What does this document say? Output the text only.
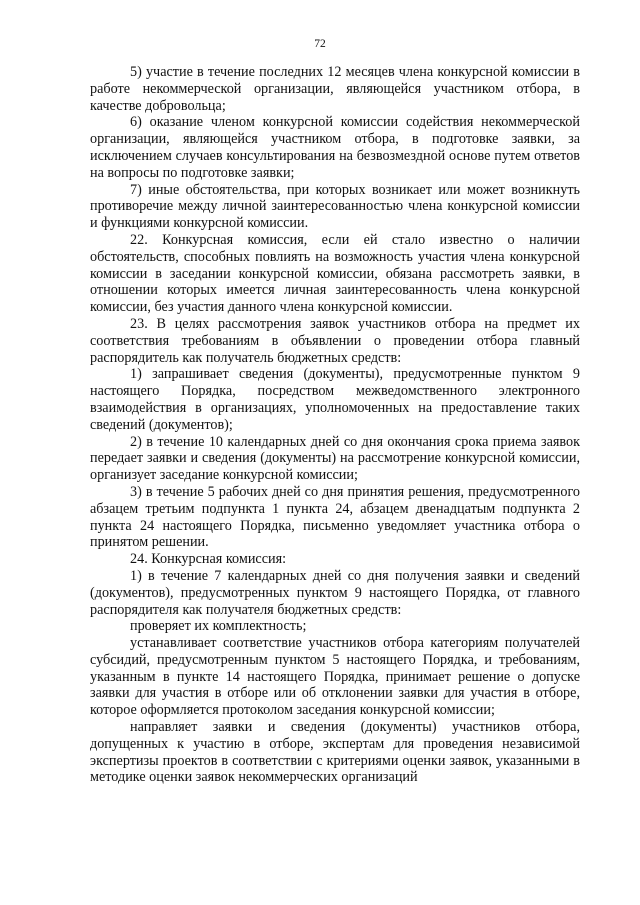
72

5) участие в течение последних 12 месяцев члена конкурсной комиссии в работе некоммерческой организации, являющейся участником отбора, в качестве добровольца;

6) оказание членом конкурсной комиссии содействия некоммерческой организации, являющейся участником отбора, в подготовке заявки, за исключением случаев консультирования на безвозмездной основе путем ответов на вопросы по подготовке заявки;

7) иные обстоятельства, при которых возникает или может возникнуть противоречие между личной заинтересованностью члена конкурсной комиссии и функциями конкурсной комиссии.

22. Конкурсная комиссия, если ей стало известно о наличии обстоятельств, способных повлиять на возможность участия члена конкурсной комиссии в заседании конкурсной комиссии, обязана рассмотреть заявки, в отношении которых имеется личная заинтересованность члена конкурсной комиссии, без участия данного члена конкурсной комиссии.

23. В целях рассмотрения заявок участников отбора на предмет их соответствия требованиям в объявлении о проведении отбора главный распорядитель как получатель бюджетных средств:

1) запрашивает сведения (документы), предусмотренные пунктом 9 настоящего Порядка, посредством межведомственного электронного взаимодействия в организациях, уполномоченных на предоставление таких сведений (документов);

2) в течение 10 календарных дней со дня окончания срока приема заявок передает заявки и сведения (документы) на рассмотрение конкурсной комиссии, организует заседание конкурсной комиссии;

3) в течение 5 рабочих дней со дня принятия решения, предусмотренного абзацем третьим подпункта 1 пункта 24, абзацем двенадцатым подпункта 2 пункта 24 настоящего Порядка, письменно уведомляет участника отбора о принятом решении.

24. Конкурсная комиссия:

1) в течение 7 календарных дней со дня получения заявки и сведений (документов), предусмотренных пунктом 9 настоящего Порядка, от главного распорядителя как получателя бюджетных средств:

проверяет их комплектность;

устанавливает соответствие участников отбора категориям получателей субсидий, предусмотренным пунктом 5 настоящего Порядка, и требованиям, указанным в пункте 14 настоящего Порядка, принимает решение о допуске заявки для участия в отборе или об отклонении заявки для участия в отборе, которое оформляется протоколом заседания конкурсной комиссии;

направляет заявки и сведения (документы) участников отбора, допущенных к участию в отборе, экспертам для проведения независимой экспертизы проектов в соответствии с критериями оценки заявок, указанными в методике оценки заявок некоммерческих организаций
